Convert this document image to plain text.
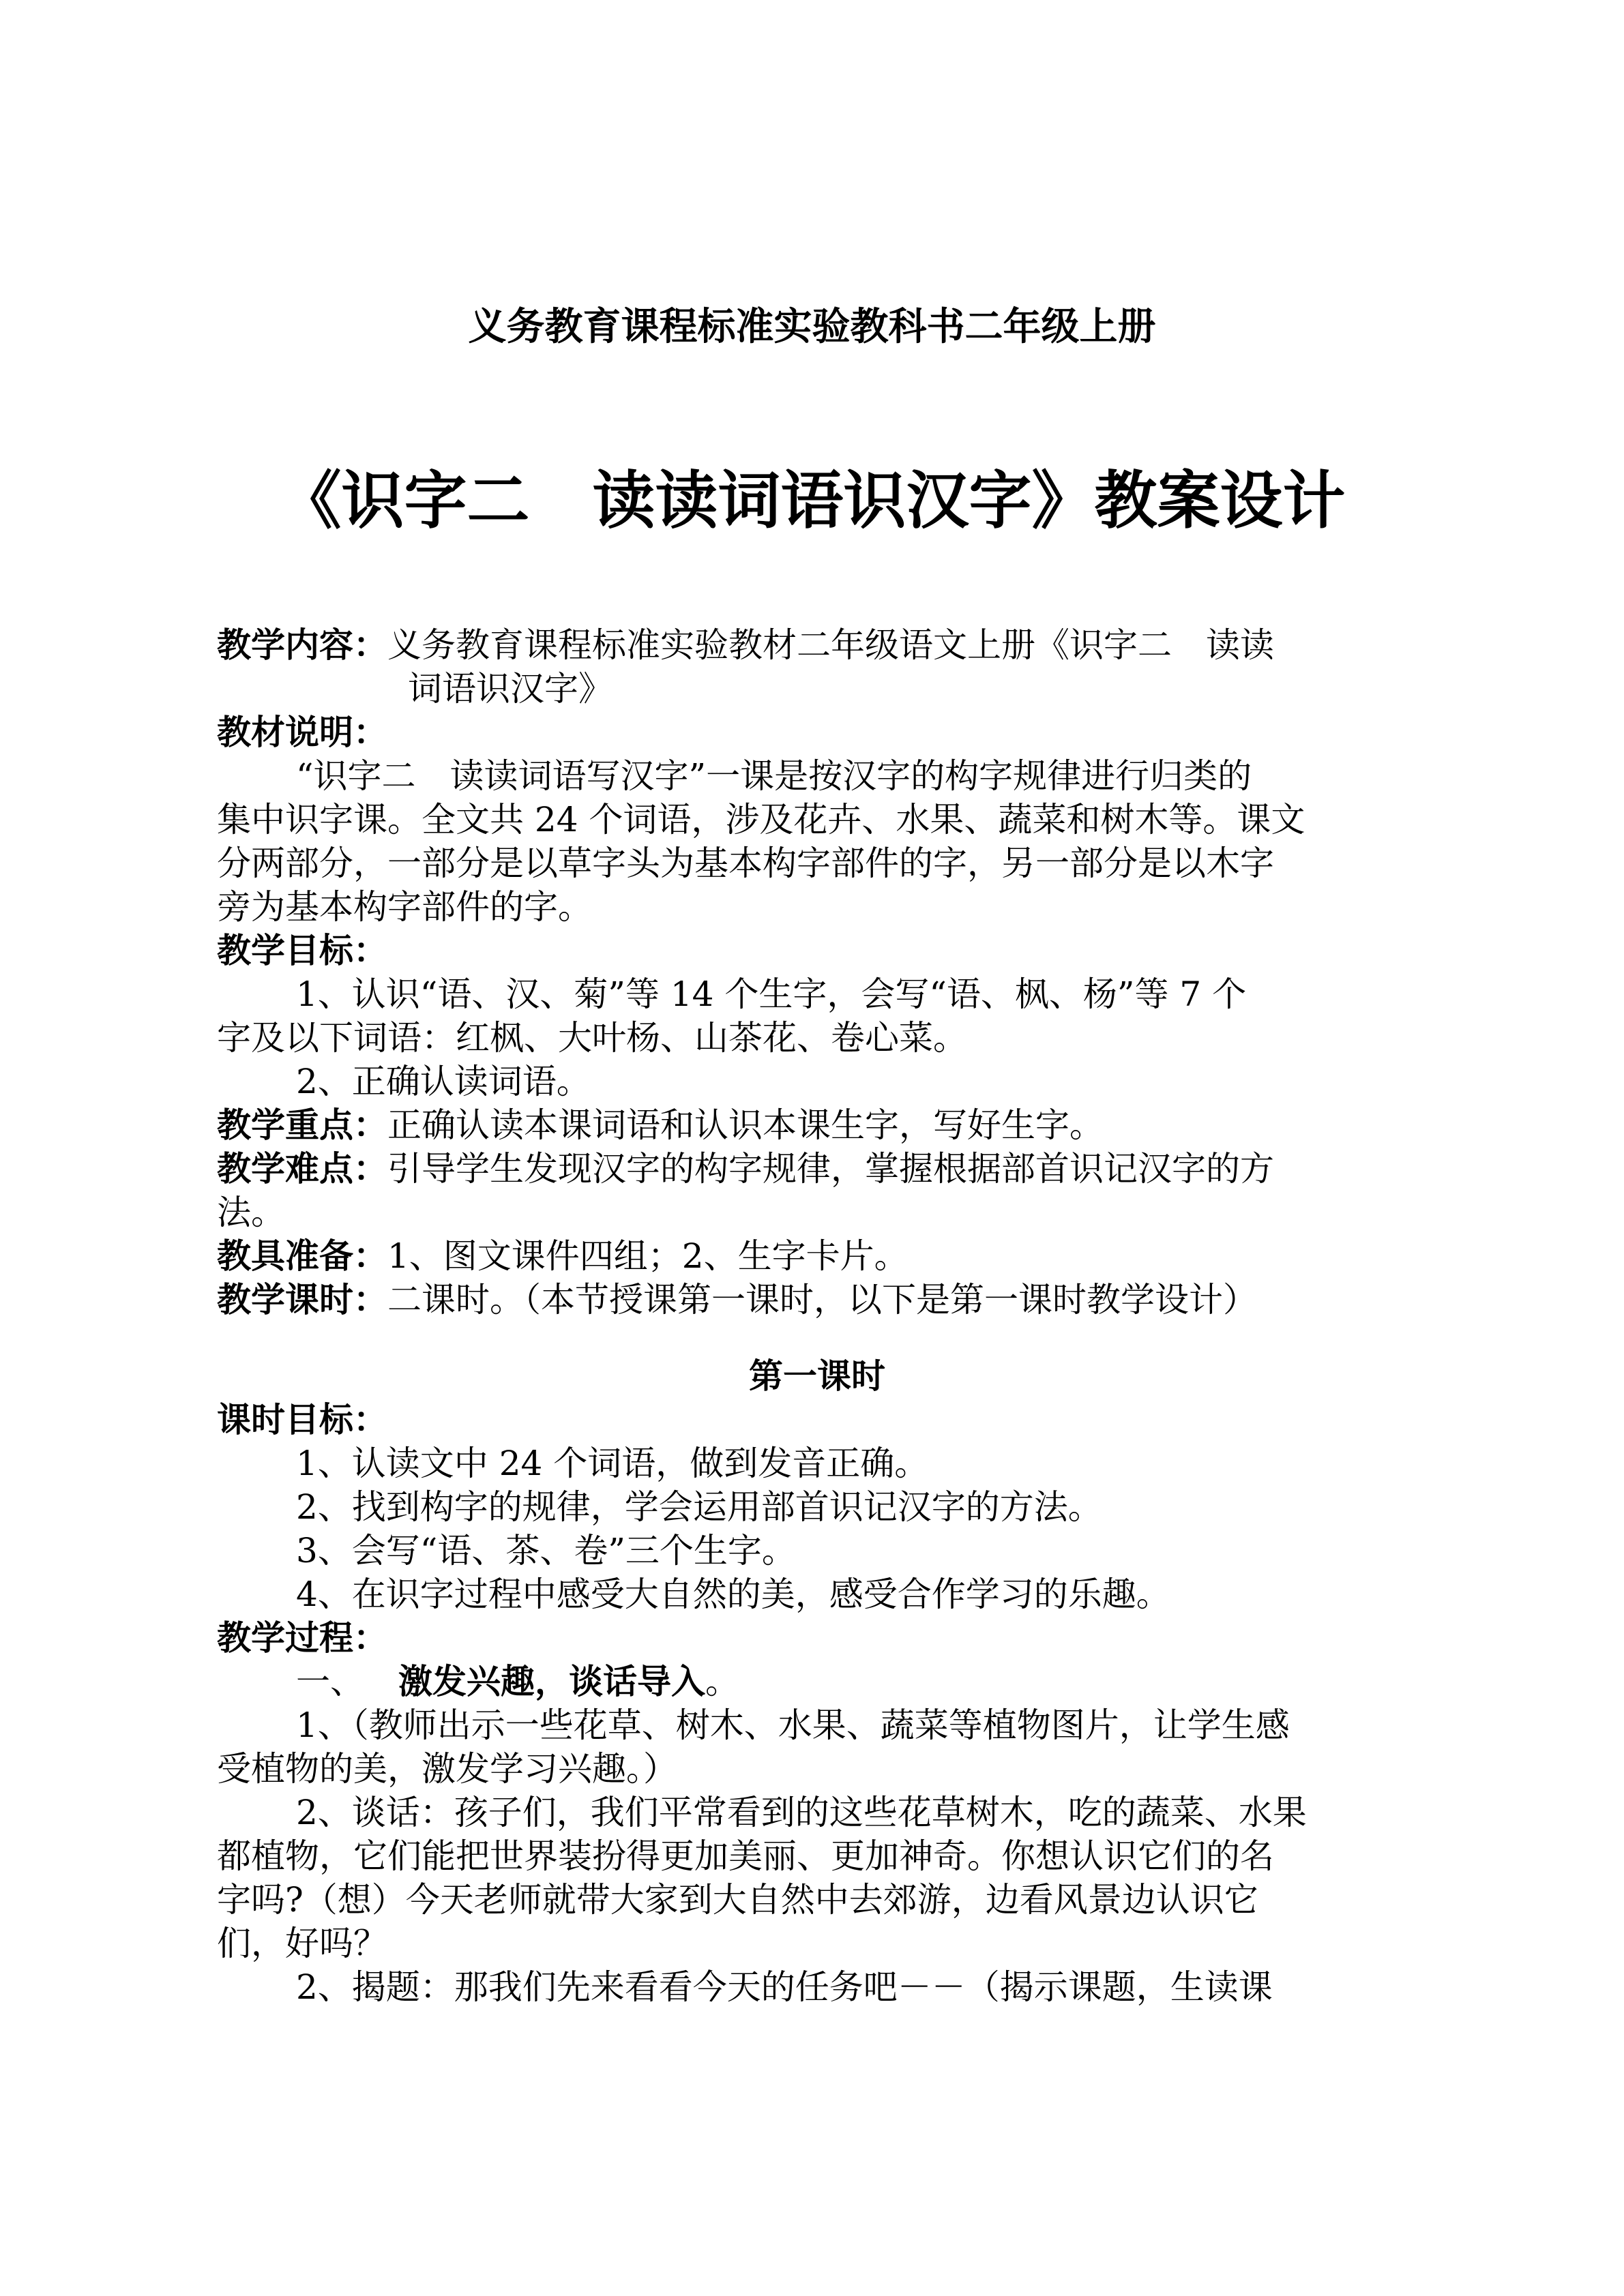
义务教育课程标准实验教科书二年级上册
《识字二　读读词语识汉字》教案设计
教学内容：义务教育课程标准实验教材二年级语文上册《识字二　读读
词语识汉字》
教材说明：
“识字二　读读词语写汉字”一课是按汉字的构字规律进行归类的
集中识字课。全文共 24 个词语，涉及花卉、水果、蔬菜和树木等。课文
分两部分，一部分是以草字头为基本构字部件的字，另一部分是以木字
旁为基本构字部件的字。
教学目标：
1、认识“语、汉、菊”等 14 个生字，会写“语、枫、杨”等 7 个
字及以下词语：红枫、大叶杨、山茶花、卷心菜。
2、正确认读词语。
教学重点：正确认读本课词语和认识本课生字，写好生字。
教学难点：引导学生发现汉字的构字规律，掌握根据部首识记汉字的方
法。
教具准备：1、图文课件四组；2、生字卡片。
教学课时：二课时。（本节授课第一课时，以下是第一课时教学设计）
第一课时
课时目标：
1、认读文中 24 个词语，做到发音正确。
2、找到构字的规律，学会运用部首识记汉字的方法。
3、会写“语、茶、卷”三个生字。
4、在识字过程中感受大自然的美，感受合作学习的乐趣。
教学过程：
一、  激发兴趣，谈话导入。
1、（教师出示一些花草、树木、水果、蔬菜等植物图片，让学生感
受植物的美，激发学习兴趣。）
2、谈话：孩子们，我们平常看到的这些花草树木，吃的蔬菜、水果
都植物，它们能把世界装扮得更加美丽、更加神奇。你想认识它们的名
字吗?（想）今天老师就带大家到大自然中去郊游，边看风景边认识它
们，好吗？
2、揭题：那我们先来看看今天的任务吧－－（揭示课题，生读课
